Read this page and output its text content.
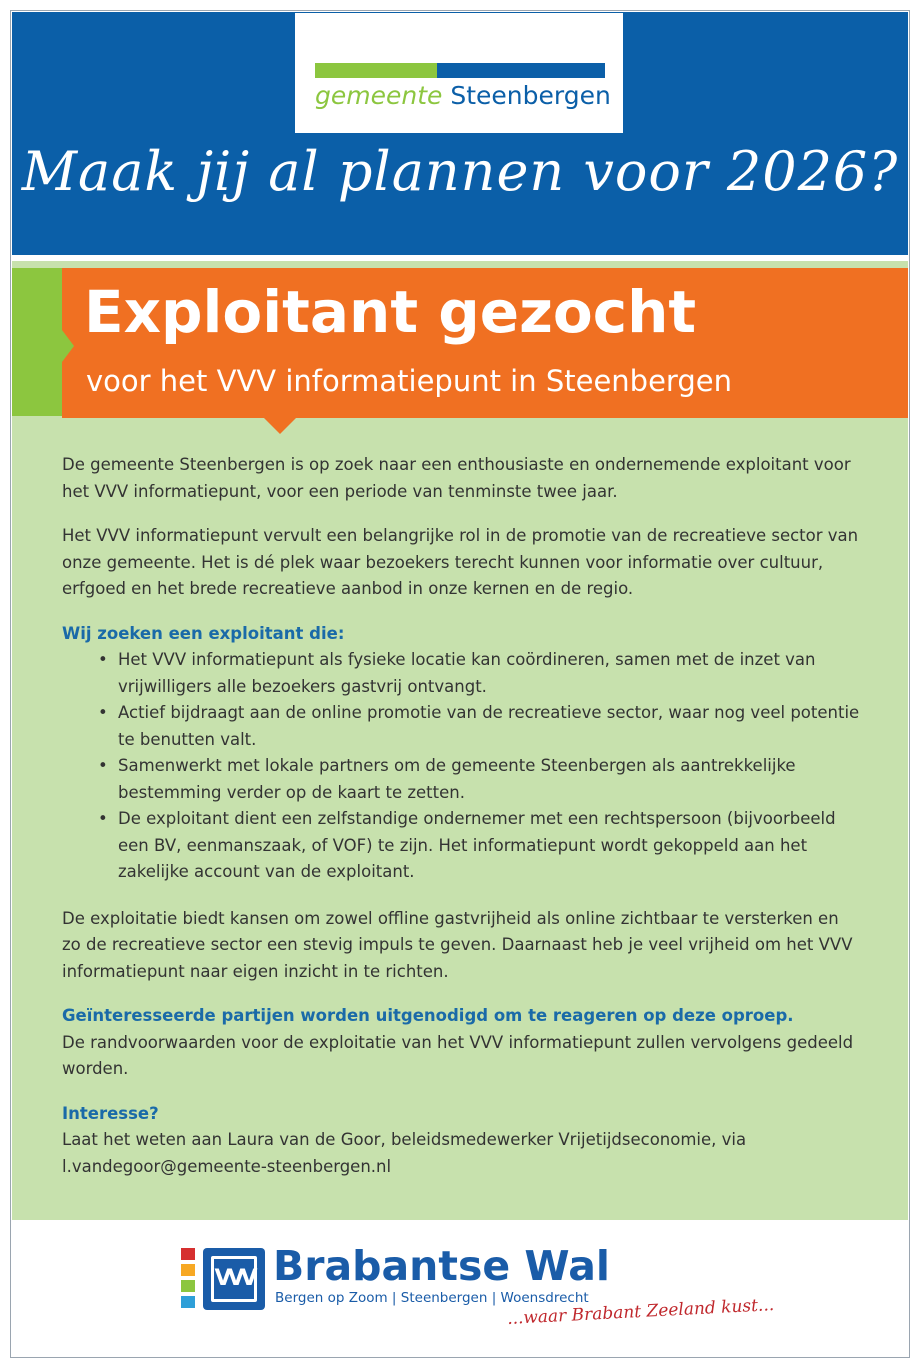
gemeente Steenbergen
Maak jij al plannen voor 2026?
Exploitant gezocht
voor het VVV informatiepunt in Steenbergen

De gemeente Steenbergen is op zoek naar een enthousiaste en ondernemende exploitant voor het VVV informatiepunt, voor een periode van tenminste twee jaar.

Het VVV informatiepunt vervult een belangrijke rol in de promotie van de recreatieve sector van onze gemeente. Het is dé plek waar bezoekers terecht kunnen voor informatie over cultuur, erfgoed en het brede recreatieve aanbod in onze kernen en de regio.

Wij zoeken een exploitant die:
• Het VVV informatiepunt als fysieke locatie kan coördineren, samen met de inzet van vrijwilligers alle bezoekers gastvrij ontvangt.
• Actief bijdraagt aan de online promotie van de recreatieve sector, waar nog veel potentie te benutten valt.
• Samenwerkt met lokale partners om de gemeente Steenbergen als aantrekkelijke bestemming verder op de kaart te zetten.
• De exploitant dient een zelfstandige ondernemer met een rechtspersoon (bijvoorbeeld een BV, eenmanszaak, of VOF) te zijn. Het informatiepunt wordt gekoppeld aan het zakelijke account van de exploitant.

De exploitatie biedt kansen om zowel offline gastvrijheid als online zichtbaar te versterken en zo de recreatieve sector een stevig impuls te geven. Daarnaast heb je veel vrijheid om het VVV informatiepunt naar eigen inzicht in te richten.

Geïnteresseerde partijen worden uitgenodigd om te reageren op deze oproep.
De randvoorwaarden voor de exploitatie van het VVV informatiepunt zullen vervolgens gedeeld worden.
Interesse?
Laat het weten aan Laura van de Goor, beleidsmedewerker Vrijetijdseconomie, via
l.vandegoor@gemeente-steenbergen.nl
VVV Brabantse Wal
Bergen op Zoom | Steenbergen | Woensdrecht
...waar Brabant Zeeland kust...
